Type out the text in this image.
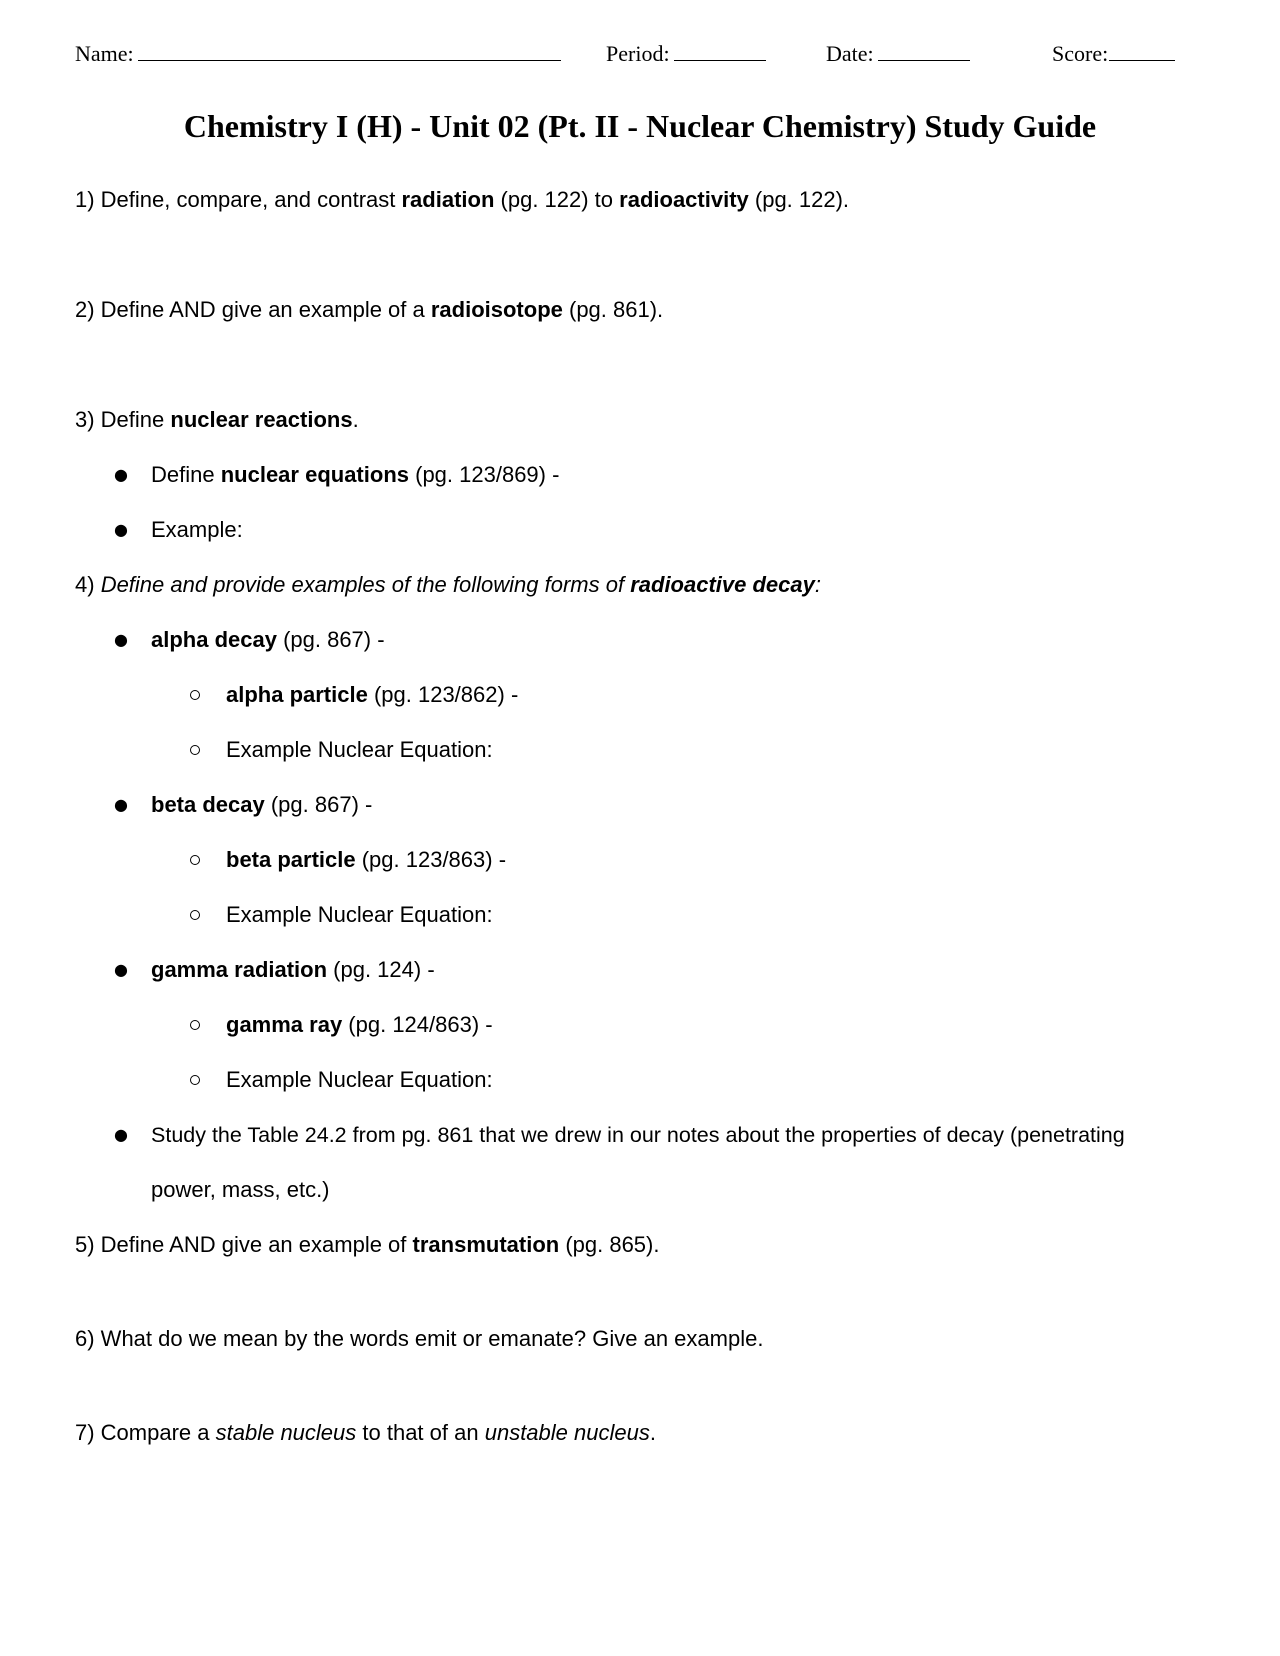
Name:	Period:	Date:	Score:
Chemistry I (H) - Unit 02 (Pt. II - Nuclear Chemistry) Study Guide
1) Define, compare, and contrast radiation (pg. 122) to radioactivity (pg. 122).
2) Define AND give an example of a radioisotope (pg. 861).
3) Define nuclear reactions.
● Define nuclear equations (pg. 123/869) -
● Example:
4) Define and provide examples of the following forms of radioactive decay:
● alpha decay (pg. 867) -
alpha particle (pg. 123/862) -
Example Nuclear Equation:
● beta decay (pg. 867) -
beta particle (pg. 123/863) -
Example Nuclear Equation:
● gamma radiation (pg. 124) -
gamma ray (pg. 124/863) -
Example Nuclear Equation:
● Study the Table 24.2 from pg. 861 that we drew in our notes about the properties of decay (penetrating
power, mass, etc.)
5) Define AND give an example of transmutation (pg. 865).
6) What do we mean by the words emit or emanate? Give an example.
7) Compare a stable nucleus to that of an unstable nucleus.
